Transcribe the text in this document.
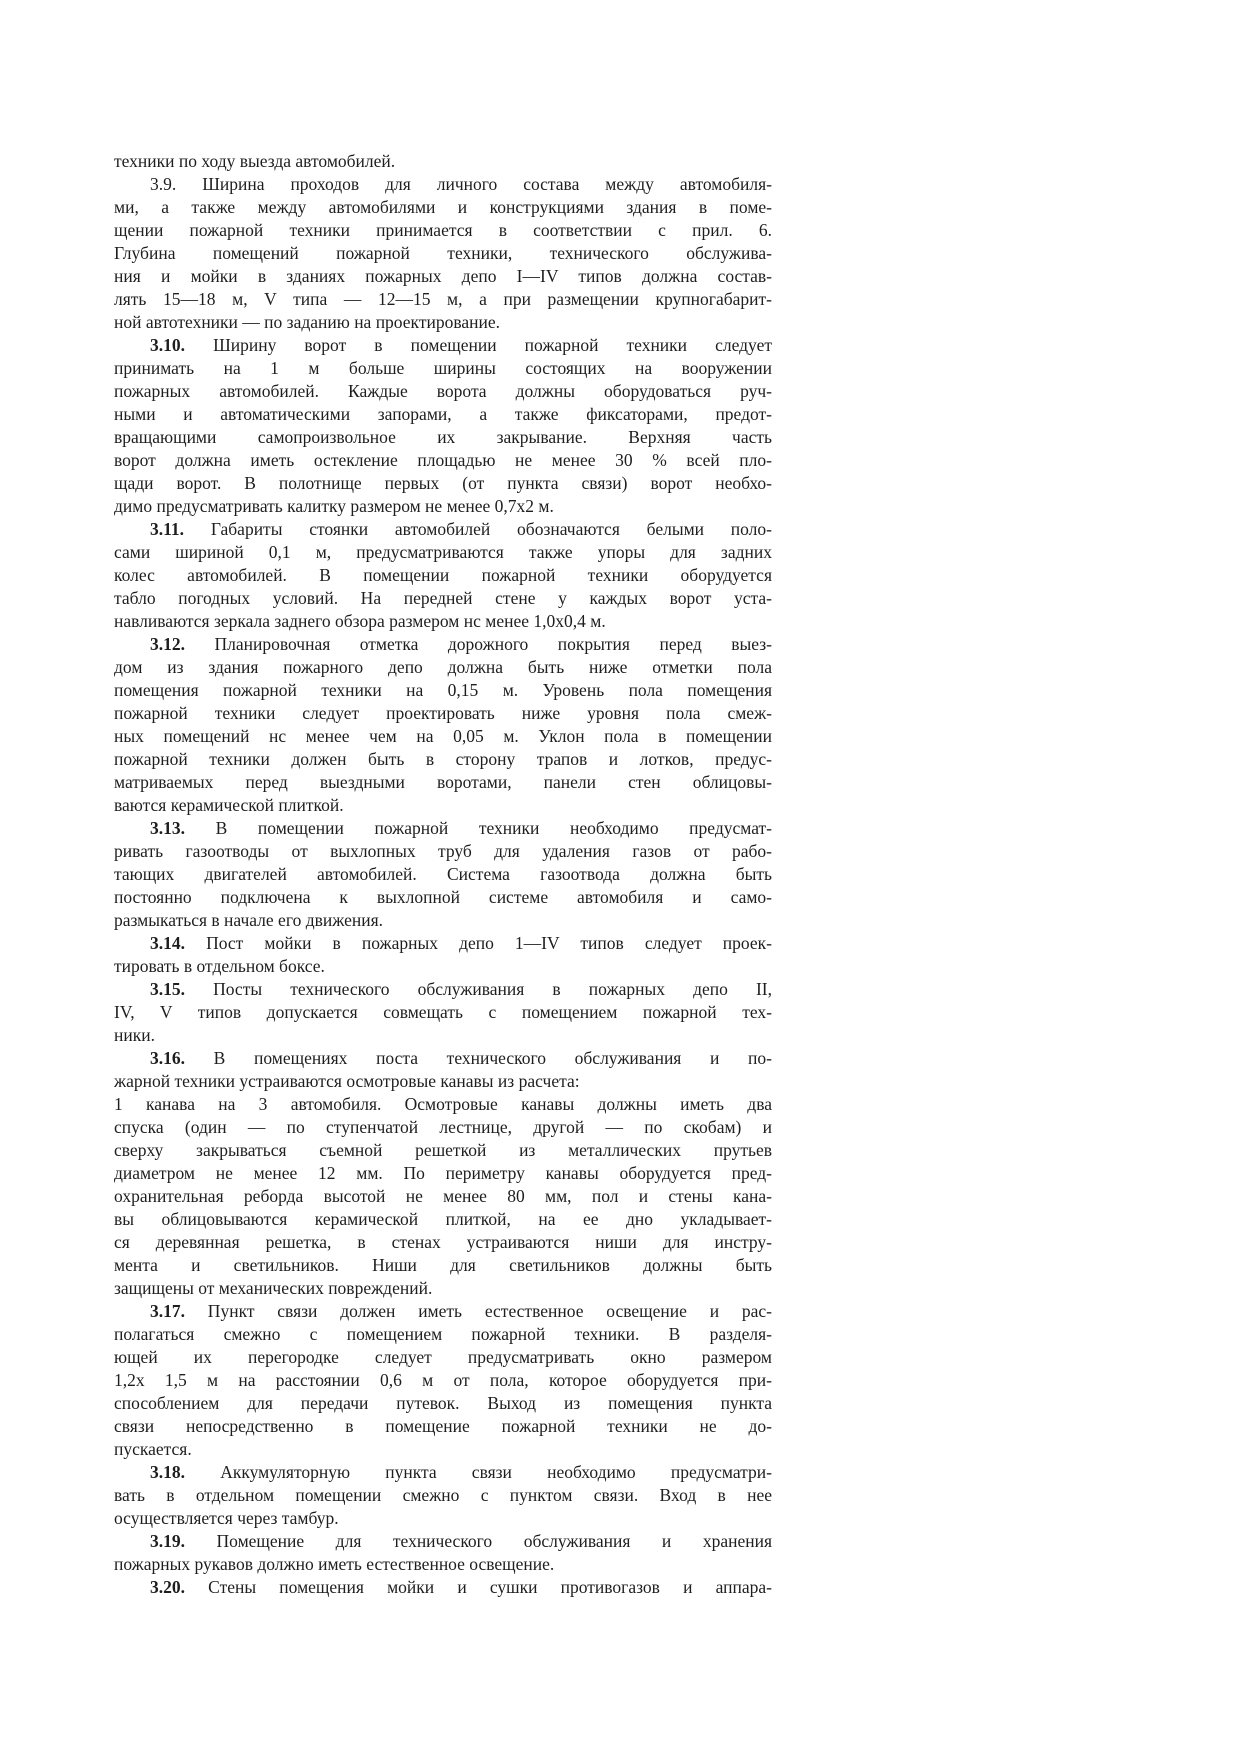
техники по ходу выезда автомобилей.
3.9. Ширина проходов для личного состава между автомобиля-
ми, а также между автомобилями и конструкциями здания в поме-
щении пожарной техники принимается в соответствии с прил. 6.
Глубина помещений пожарной техники, технического обслужива-
ния и мойки в зданиях пожарных депо I—IV типов должна состав-
лять 15—18 м, V типа — 12—15 м, а при размещении крупногабарит-
ной автотехники — по заданию на проектирование.
3.10. Ширину ворот в помещении пожарной техники следует
принимать на 1 м больше ширины состоящих на вооружении
пожарных автомобилей. Каждые ворота должны оборудоваться руч-
ными и автоматическими запорами, а также фиксаторами, предот-
вращающими самопроизвольное их закрывание. Верхняя часть
ворот должна иметь остекление площадью не менее 30 % всей пло-
щади ворот. В полотнище первых (от пункта связи) ворот необхо-
димо предусматривать калитку размером не менее 0,7х2 м.
3.11. Габариты стоянки автомобилей обозначаются белыми поло-
сами шириной 0,1 м, предусматриваются также упоры для задних
колес автомобилей. В помещении пожарной техники оборудуется
табло погодных условий. На передней стене у каждых ворот уста-
навливаются зеркала заднего обзора размером нс менее 1,0х0,4 м.
3.12. Планировочная отметка дорожного покрытия перед выез-
дом из здания пожарного депо должна быть ниже отметки пола
помещения пожарной техники на 0,15 м. Уровень пола помещения
пожарной техники следует проектировать ниже уровня пола смеж-
ных помещений нс менее чем на 0,05 м. Уклон пола в помещении
пожарной техники должен быть в сторону трапов и лотков, предус-
матриваемых перед выездными воротами, панели стен облицовы-
ваются керамической плиткой.
3.13. В помещении пожарной техники необходимо предусмат-
ривать газоотводы от выхлопных труб для удаления газов от рабо-
тающих двигателей автомобилей. Система газоотвода должна быть
постоянно подключена к выхлопной системе автомобиля и само-
размыкаться в начале его движения.
3.14. Пост мойки в пожарных депо 1—IV типов следует проек-
тировать в отдельном боксе.
3.15. Посты технического обслуживания в пожарных депо II,
IV, V типов допускается совмещать с помещением пожарной тех-
ники.
3.16. В помещениях поста технического обслуживания и по-
жарной техники устраиваются осмотровые канавы из расчета:
1 канава на 3 автомобиля. Осмотровые канавы должны иметь два
спуска (один — по ступенчатой лестнице, другой — по скобам) и
сверху закрываться съемной решеткой из металлических прутьев
диаметром не менее 12 мм. По периметру канавы оборудуется пред-
охранительная реборда высотой не менее 80 мм, пол и стены кана-
вы облицовываются керамической плиткой, на ее дно укладывает-
ся деревянная решетка, в стенах устраиваются ниши для инстру-
мента и светильников. Ниши для светильников должны быть
защищены от механических повреждений.
3.17. Пункт связи должен иметь естественное освещение и рас-
полагаться смежно с помещением пожарной техники. В разделя-
ющей их перегородке следует предусматривать окно размером
1,2х 1,5 м на расстоянии 0,6 м от пола, которое оборудуется при-
способлением для передачи путевок. Выход из помещения пункта
связи непосредственно в помещение пожарной техники не до-
пускается.
3.18. Аккумуляторную пункта связи необходимо предусматри-
вать в отдельном помещении смежно с пунктом связи. Вход в нее
осуществляется через тамбур.
3.19. Помещение для технического обслуживания и хранения
пожарных рукавов должно иметь естественное освещение.
3.20. Стены помещения мойки и сушки противогазов и аппара-
